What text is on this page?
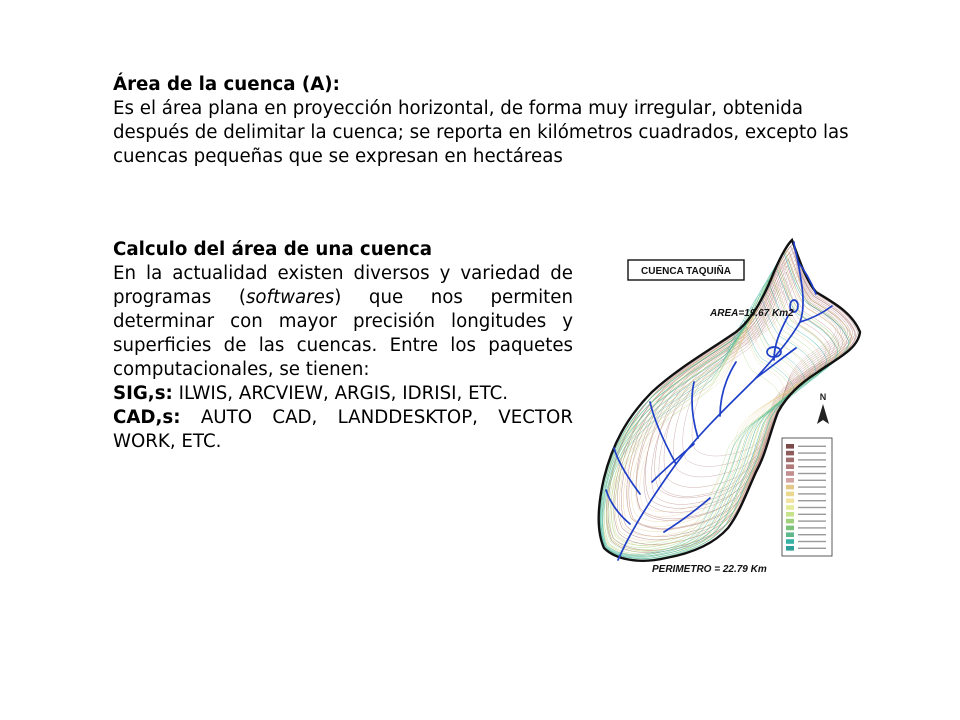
Área de la cuenca (A):

Es el área plana en proyección horizontal, de forma muy irregular, obtenida después de delimitar la cuenca; se reporta en kilómetros cuadrados, excepto las cuencas pequeñas que se expresan en hectáreas

Calculo del área de una cuenca

En la actualidad existen diversos y variedad de programas (softwares) que nos permiten determinar con mayor precisión longitudes y superficies de las cuencas. Entre los paquetes computacionales, se tienen:

SIG,s: ILWIS, ARCVIEW, ARGIS, IDRISI, ETC.

CAD,s: AUTO CAD, LANDDESKTOP, VECTOR WORK, ETC.

CUENCA TAQUIÑA
AREA=19.67 Km2
N
PERIMETRO = 22.79 Km
